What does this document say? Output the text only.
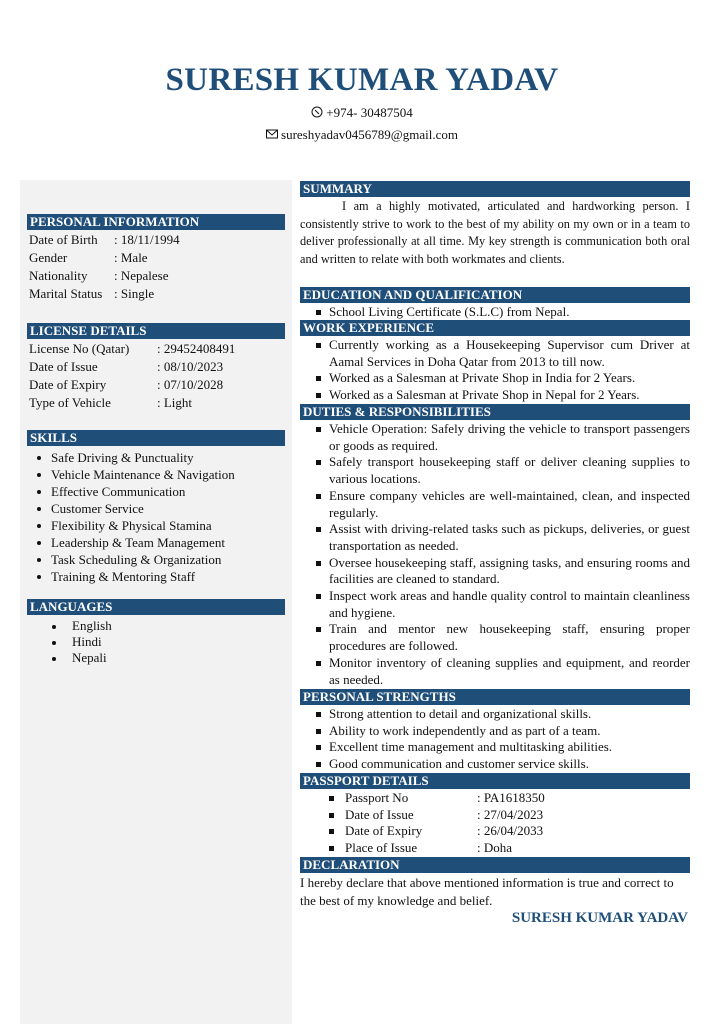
SURESH KUMAR YADAV
+974- 30487504
sureshyadav0456789@gmail.com
PERSONAL INFORMATION
Date of Birth	: 18/11/1994
Gender	: Male
Nationality	: Nepalese
Marital Status : Single
LICENSE DETAILS
License No (Qatar)	: 29452408491
Date of Issue	: 08/10/2023
Date of Expiry	: 07/10/2028
Type of Vehicle	: Light
SKILLS
Safe Driving & Punctuality
Vehicle Maintenance & Navigation
Effective Communication
Customer Service
Flexibility & Physical Stamina
Leadership & Team Management
Task Scheduling & Organization
Training & Mentoring Staff
LANGUAGES
English
Hindi
Nepali
SUMMARY

I am a highly motivated, articulated and hardworking person. I consistently strive to work to the best of my ability on my own or in a team to deliver professionally at all time. My key strength is communication both oral and written to relate with both workmates and clients.

EDUCATION AND QUALIFICATION
School Living Certificate (S.L.C) from Nepal.
WORK EXPERIENCE
Currently working as a Housekeeping Supervisor cum Driver at Aamal Services in Doha Qatar from 2013 to till now.
Worked as a Salesman at Private Shop in India for 2 Years.
Worked as a Salesman at Private Shop in Nepal for 2 Years.
DUTIES & RESPONSIBILITIES
Vehicle Operation: Safely driving the vehicle to transport passengers or goods as required.
Safely transport housekeeping staff or deliver cleaning supplies to various locations.
Ensure company vehicles are well-maintained, clean, and inspected regularly.
Assist with driving-related tasks such as pickups, deliveries, or guest transportation as needed.
Oversee housekeeping staff, assigning tasks, and ensuring rooms and facilities are cleaned to standard.
Inspect work areas and handle quality control to maintain cleanliness and hygiene.
Train and mentor new housekeeping staff, ensuring proper procedures are followed.
Monitor inventory of cleaning supplies and equipment, and reorder as needed.
PERSONAL STRENGTHS
Strong attention to detail and organizational skills.
Ability to work independently and as part of a team.
Excellent time management and multitasking abilities.
Good communication and customer service skills.
PASSPORT DETAILS
Passport No	: PA1618350
Date of Issue	: 27/04/2023
Date of Expiry	: 26/04/2033
Place of Issue	: Doha
DECLARATION

I hereby declare that above mentioned information is true and correct to the best of my knowledge and belief.

SURESH KUMAR YADAV
